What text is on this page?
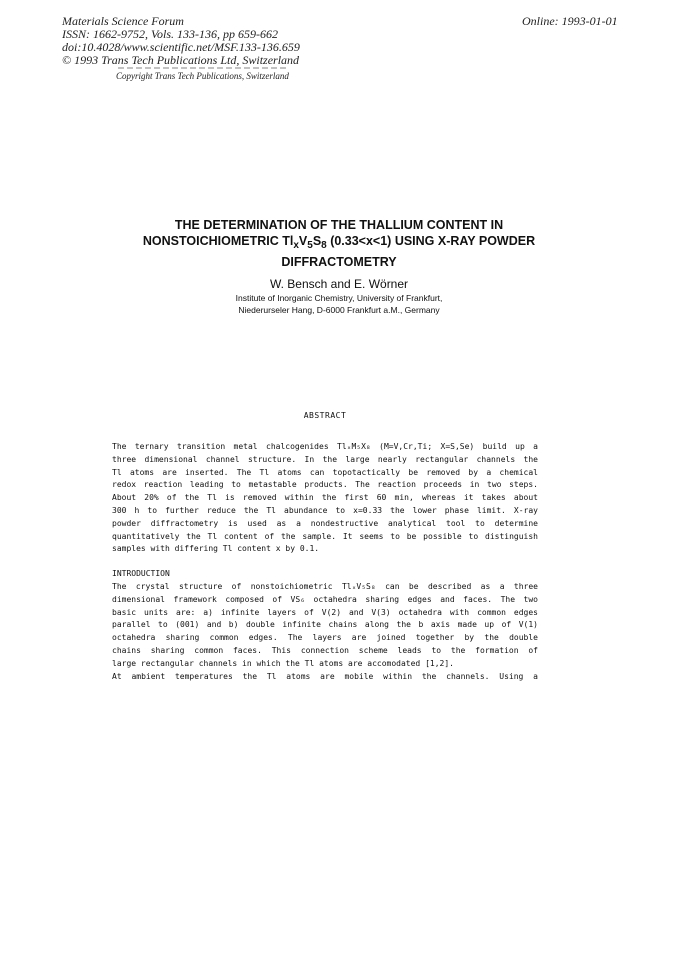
Materials Science Forum
ISSN: 1662-9752, Vols. 133-136, pp 659-662
doi:10.4028/www.scientific.net/MSF.133-136.659
© 1993 Trans Tech Publications Ltd, Switzerland
Online: 1993-01-01
Copyright Trans Tech Publications, Switzerland
THE DETERMINATION OF THE THALLIUM CONTENT IN
NONSTOICHIOMETRIC $Tl_xV_5S_8$ (0.33<x<1) USING X-RAY POWDER
DIFFRACTOMETRY
W. Bensch and E. Wörner
Institute of Inorganic Chemistry, University of Frankfurt,
Niederurseler Hang, D-6000 Frankfurt a.M., Germany
ABSTRACT
The ternary transition metal chalcogenides TlₓM₅X₈ (M=V,Cr,Ti; X=S,Se) build up a
three dimensional channel structure. In the large nearly rectangular channels the
Tl atoms are inserted. The Tl atoms can topotactically be removed by a chemical
redox reaction leading to metastable products. The reaction proceeds in two steps.
About 20% of the Tl is removed within the first 60 min, whereas it takes about
300 h to further reduce the Tl abundance to x=0.33 the lower phase limit. X-ray
powder diffractometry is used as a nondestructive analytical tool to determine
quantitatively the Tl content of the sample. It seems to be possible to distinguish
samples with differing Tl content x by 0.1.
INTRODUCTION
The crystal structure of nonstoichiometric TlₓV₅S₈ can be described as a three
dimensional framework composed of VS₆ octahedra sharing edges and faces. The two
basic units are: a) infinite layers of V(2) and V(3) octahedra with common edges
parallel to (001) and b) double infinite chains along the b axis made up of V(1)
octahedra sharing common edges. The layers are joined together by the double
chains sharing common faces. This connection scheme leads to the formation of
large rectangular channels in which the Tl atoms are accomodated [1,2].
At ambient temperatures the Tl atoms are mobile within the channels. Using a
